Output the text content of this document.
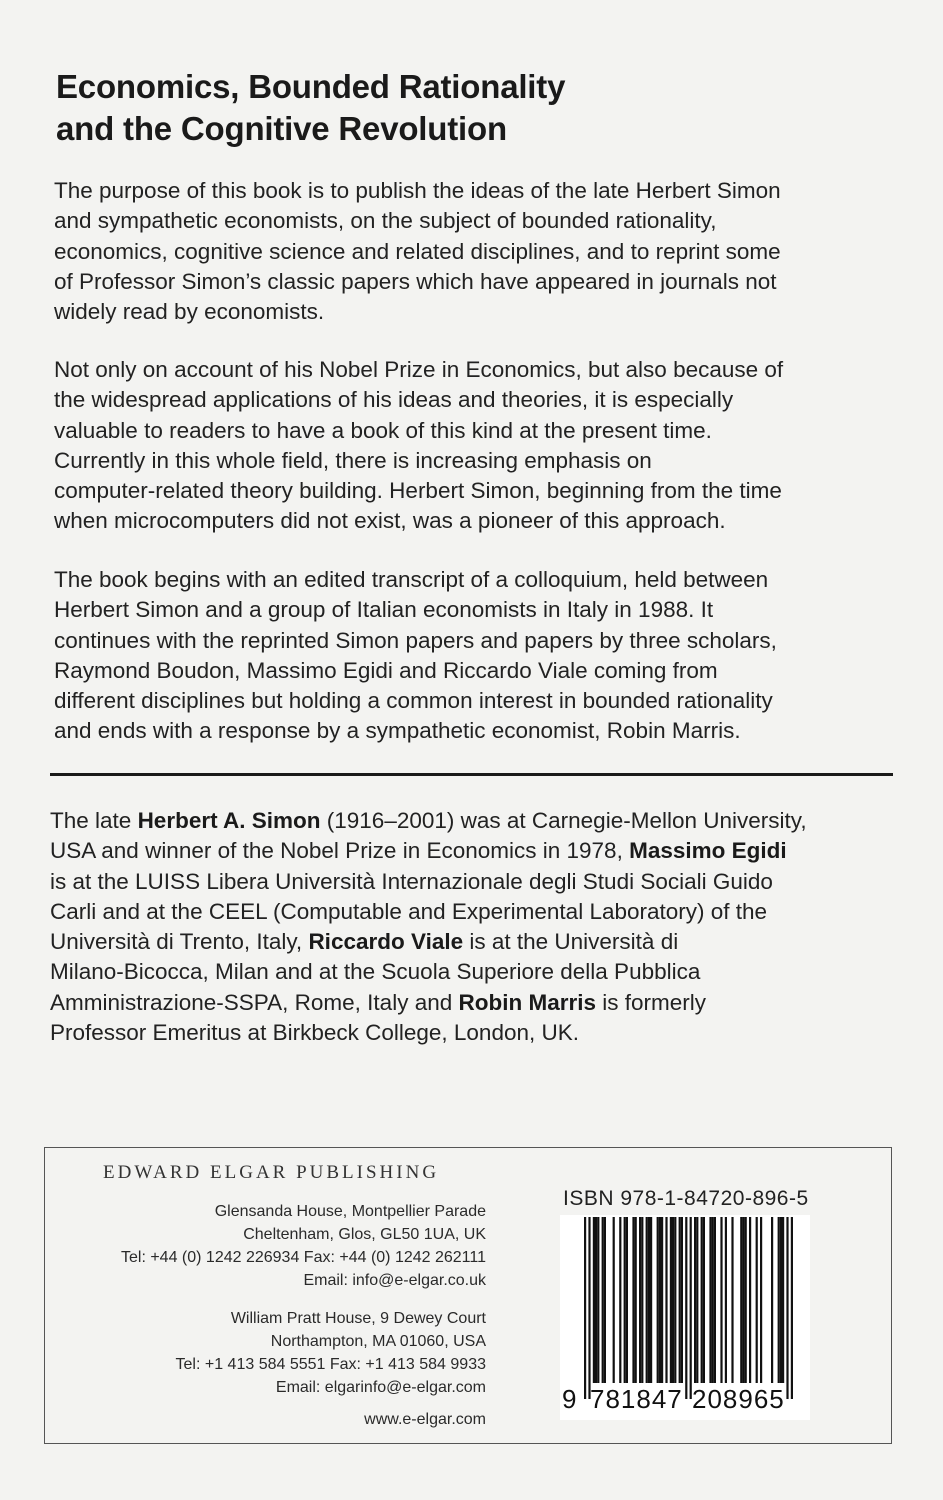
Economics, Bounded Rationality
and the Cognitive Revolution
The purpose of this book is to publish the ideas of the late Herbert Simon
and sympathetic economists, on the subject of bounded rationality,
economics, cognitive science and related disciplines, and to reprint some
of Professor Simon’s classic papers which have appeared in journals not
widely read by economists.
Not only on account of his Nobel Prize in Economics, but also because of
the widespread applications of his ideas and theories, it is especially
valuable to readers to have a book of this kind at the present time.
Currently in this whole field, there is increasing emphasis on
computer-related theory building. Herbert Simon, beginning from the time
when microcomputers did not exist, was a pioneer of this approach.
The book begins with an edited transcript of a colloquium, held between
Herbert Simon and a group of Italian economists in Italy in 1988. It
continues with the reprinted Simon papers and papers by three scholars,
Raymond Boudon, Massimo Egidi and Riccardo Viale coming from
different disciplines but holding a common interest in bounded rationality
and ends with a response by a sympathetic economist, Robin Marris.
The late Herbert A. Simon (1916–2001) was at Carnegie-Mellon University,
USA and winner of the Nobel Prize in Economics in 1978, Massimo Egidi
is at the LUISS Libera Università Internazionale degli Studi Sociali Guido
Carli and at the CEEL (Computable and Experimental Laboratory) of the
Università di Trento, Italy, Riccardo Viale is at the Università di
Milano-Bicocca, Milan and at the Scuola Superiore della Pubblica
Amministrazione-SSPA, Rome, Italy and Robin Marris is formerly
Professor Emeritus at Birkbeck College, London, UK.
EDWARD ELGAR PUBLISHING
Glensanda House, Montpellier Parade
Cheltenham, Glos, GL50 1UA, UK
Tel: +44 (0) 1242 226934 Fax: +44 (0) 1242 262111
Email: info@e-elgar.co.uk
William Pratt House, 9 Dewey Court
Northampton, MA 01060, USA
Tel: +1 413 584 5551 Fax: +1 413 584 9933
Email: elgarinfo@e-elgar.com
www.e-elgar.com
ISBN 978-1-84720-896-5
9 781847 208965
